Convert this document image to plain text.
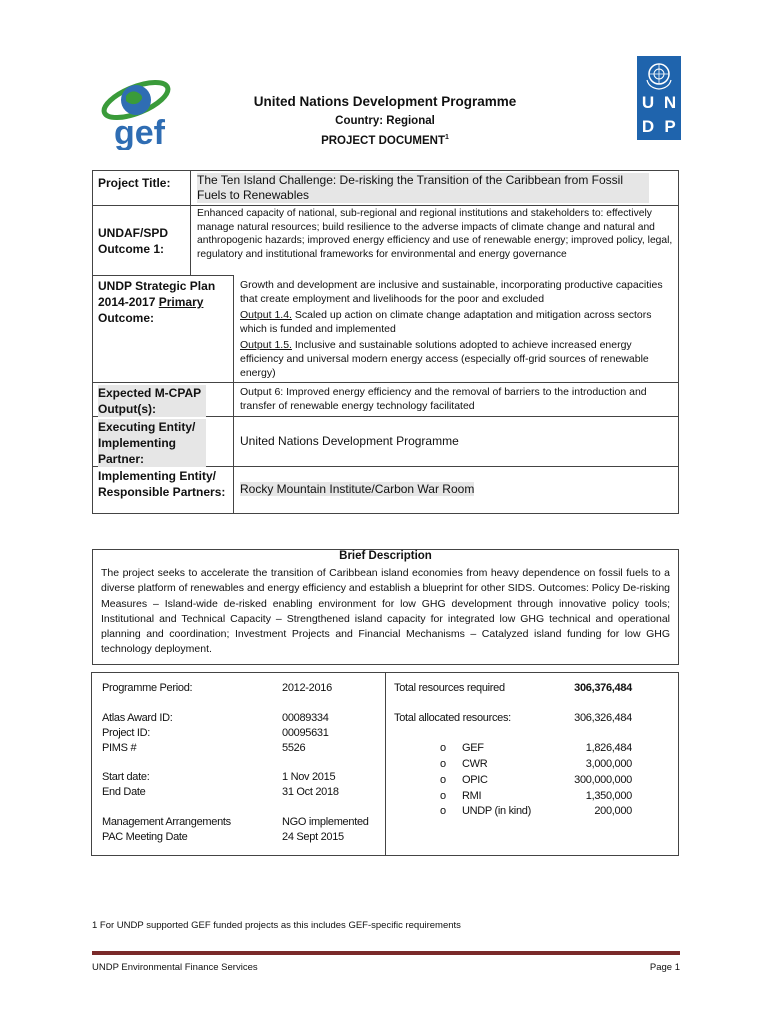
gef
U N
D P
United Nations Development Programme
Country: Regional
PROJECT DOCUMENT$^1$
Project Title: The Ten Island Challenge: De-risking the Transition of the Caribbean from Fossil Fuels to Renewables
UNDAF/SPD Outcome 1:
Enhanced capacity of national, sub-regional and regional institutions and stakeholders to: effectively manage natural resources; build resilience to the adverse impacts of climate change and natural and anthropogenic hazards; improved energy efficiency and use of renewable energy; improved policy, legal, regulatory and institutional frameworks for environmental and energy governance
UNDP Strategic Plan
2014-2017 Primary
Outcome:
Growth and development are inclusive and sustainable, incorporating productive capacities that create employment and livelihoods for the poor and excluded
Output 1.4. Scaled up action on climate change adaptation and mitigation across sectors which is funded and implemented
Output 1.5. Inclusive and sustainable solutions adopted to achieve increased energy efficiency and universal modern energy access (especially off-grid sources of renewable energy)
Expected M-CPAP Output(s):
Output 6: Improved energy efficiency and the removal of barriers to the introduction and transfer of renewable energy technology facilitated
Executing Entity/ Implementing Partner:
United Nations Development Programme
Implementing Entity/ Responsible Partners: Rocky Mountain Institute/Carbon War Room
Brief Description
The project seeks to accelerate the transition of Caribbean island economies from heavy dependence on fossil fuels to a diverse platform of renewables and energy efficiency and establish a blueprint for other SIDS. Outcomes: Policy De-risking Measures – Island-wide de-risked enabling environment for low GHG development through innovative policy tools; Institutional and Technical Capacity – Strengthened island capacity for integrated low GHG technical and operational planning and coordination; Investment Projects and Financial Mechanisms – Catalyzed island funding for low GHG technology deployment.
Programme Period:	2012-2016
Atlas Award ID:	00089334
Project ID:	00095631
PIMS #	5526
Start date:	1 Nov 2015
End Date	31 Oct 2018
Management Arrangements	NGO implemented
PAC Meeting Date	24 Sept 2015
Total resources required	306,376,484
Total allocated resources:	306,326,484
o GEF	1,826,484
o CWR	3,000,000
o OPIC	300,000,000
o RMI	1,350,000
o UNDP (in kind)	200,000
1 For UNDP supported GEF funded projects as this includes GEF-specific requirements
UNDP Environmental Finance Services	Page 1
